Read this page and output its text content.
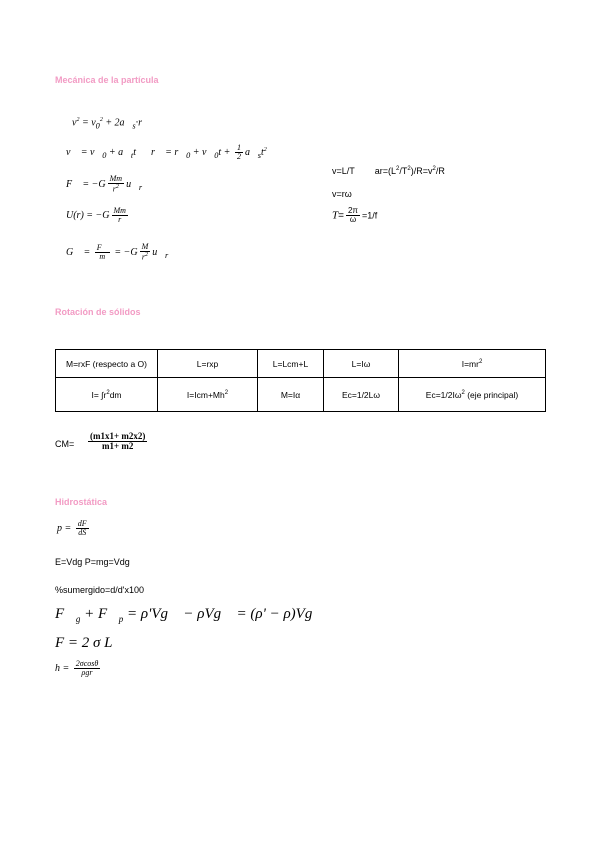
Mecánica de la partícula
$v^2 = v_0^2$ + $2a⃗_s\cdot r⃗$
v⃗ = $v⃗_0$ + $a⃗_tt$      r⃗ = $r⃗_0$ + $v⃗_0t + \frac{1}{2}$ $a⃗_st^2$
F⃗ = $-G \frac{Mm}{r^2}$ $u⃗_r$
$U(r) = -G \frac{Mm}{r}$
G⃗ = $\frac{F⃗}{m} = -G \frac{M}{r^2}$ $u⃗_r$
v=L/T $ar=(L^2/T^2)/R=v^2/R$
v=rω
$T= \frac{2\pi}{\omega} =1/f$
Rotación de sólidos
M=rxF (respecto a O)	L=rxp	L=Lcm+L	L=Iω	$I=mr^2$
$I= \int r^2dm$	$I=Icm+Mh^2$	M=Iα	Ec=1/2Lω	$Ec=1/2I\omega^2$ (eje principal)
$CM= \frac{(m1x1+ m2x2)}{m1+ m2}$
Hidrostática
$p = \frac{dF}{dS}$
E=Vdg P=mg=Vdg
%sumergido=d/d'x100
$F⃗_g$ + $F⃗_p$ = ρ'Vg⃗ − ρVg⃗ = (ρ' − ρ)Vg⃗
F = 2 σ L
$h = \frac{2\sigma\cos\theta}{\text{ρgr}}$
